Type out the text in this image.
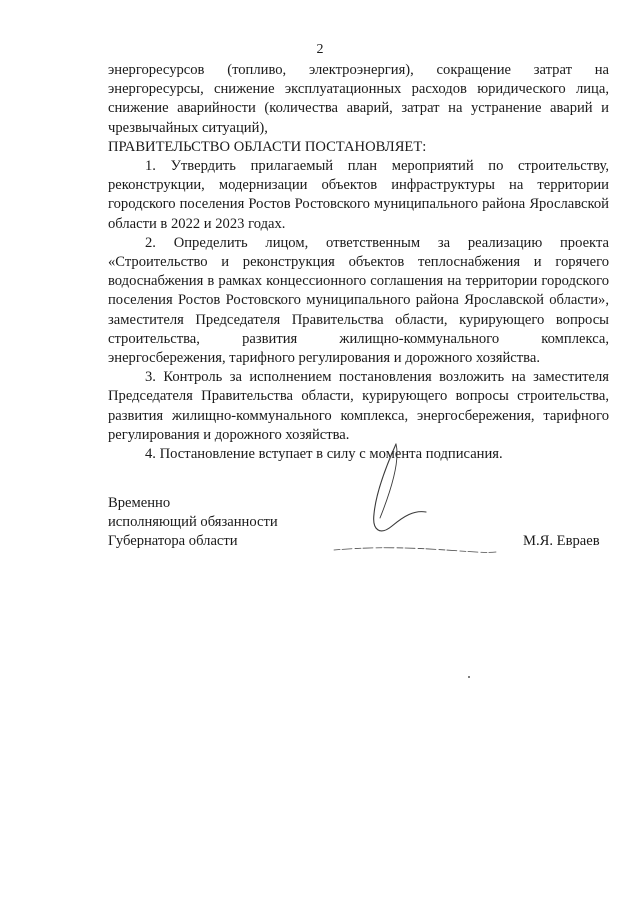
2

энергоресурсов (топливо, электроэнергия), сокращение затрат на энергоресурсы, снижение эксплуатационных расходов юридического лица, снижение аварийности (количества аварий, затрат на устранение аварий и чрезвычайных ситуаций),

ПРАВИТЕЛЬСТВО ОБЛАСТИ ПОСТАНОВЛЯЕТ:

1. Утвердить прилагаемый план мероприятий по строительству, реконструкции, модернизации объектов инфраструктуры на территории городского поселения Ростов Ростовского муниципального района Ярославской области в 2022 и 2023 годах.

2. Определить лицом, ответственным за реализацию проекта «Строительство и реконструкция объектов теплоснабжения и горячего водоснабжения в рамках концессионного соглашения на территории городского поселения Ростов Ростовского муниципального района Ярославской области», заместителя Председателя Правительства области, курирующего вопросы строительства, развития жилищно-коммунального комплекса, энергосбережения, тарифного регулирования и дорожного хозяйства.

3. Контроль за исполнением постановления возложить на заместителя Председателя Правительства области, курирующего вопросы строительства, развития жилищно-коммунального комплекса, энергосбережения, тарифного регулирования и дорожного хозяйства.

4. Постановление вступает в силу с момента подписания.

Временно
исполняющий обязанности
Губернатора области	М.Я. Евраев
